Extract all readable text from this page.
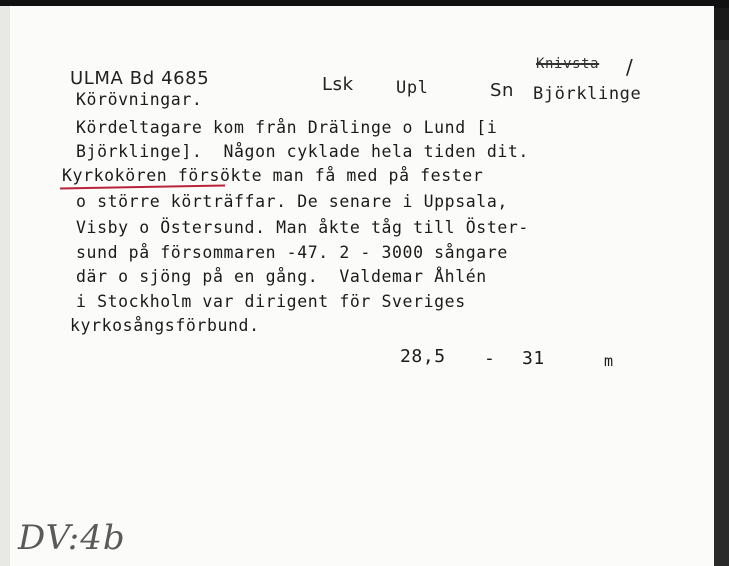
ULMA Bd 4685	Lsk Upl	Sn
Knivsta /
Björklinge
Körövningar.
Kördeltagare kom från Drälinge o Lund [i
Björklinge].  Någon cyklade hela tiden dit.
Kyrkokören försökte man få med på fester
o större körträffar. De senare i Uppsala,
Visby o Östersund. Man åkte tåg till Öster-
sund på försommaren -47. 2 - 3000 sångare
där o sjöng på en gång.  Valdemar Åhlén
i Stockholm var dirigent för Sveriges
kyrkosångsförbund.
28,5 - 31	m
DV:4b
